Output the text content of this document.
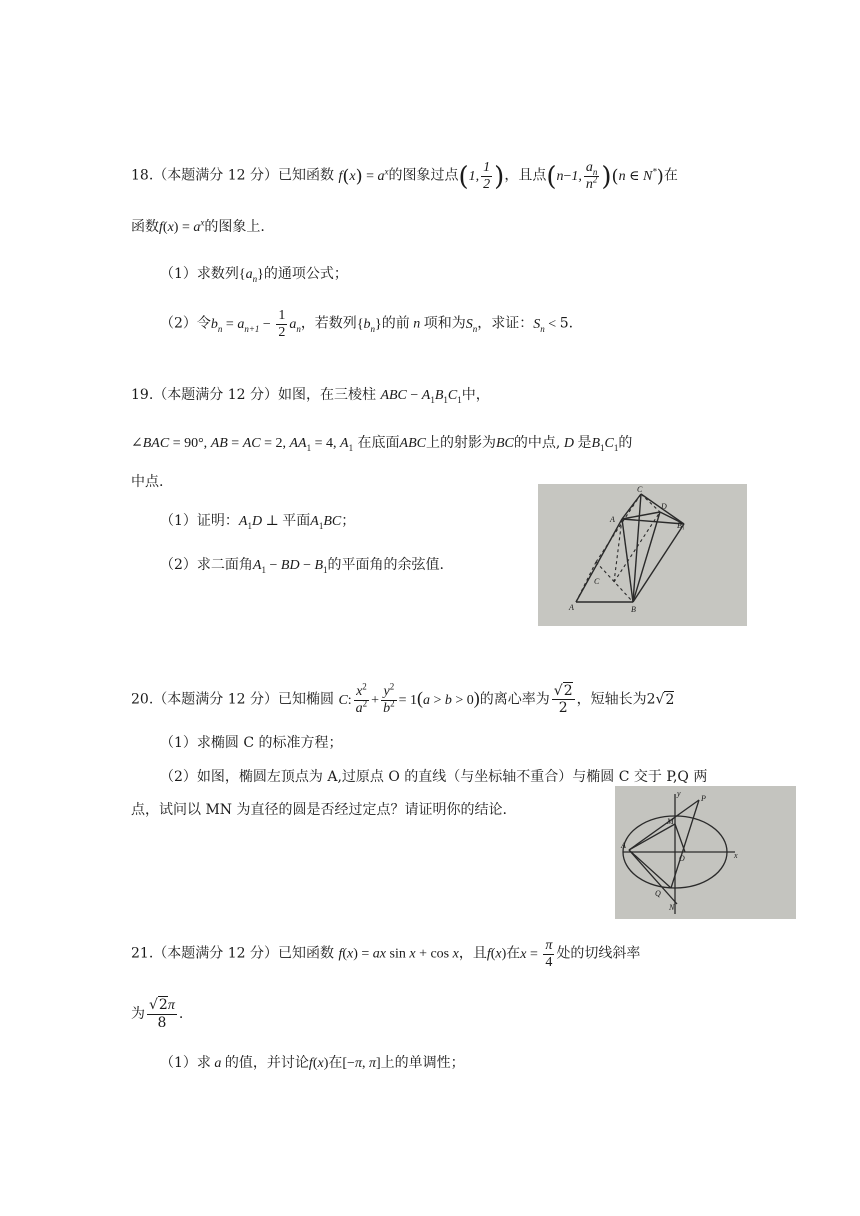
18.（本题满分 12 分）已知函数 $f(x) = a^x$的图象过点(1, $\frac{1}{2}$ )，且点(n−1, $\frac{a_n}{n^2} )(n$ ∈ N*)在
函数$f(x) = a^x$的图象上.
（1）求数列$\{a_n\}$的通项公式；
（2）令$b_n = a_{n+1} - \frac{1}{2} a_n$，若数列$\{b_n\}$的前 n 项和为$S_n$，求证：$S_n < 5$.
19.（本题满分 12 分）如图，在三棱柱 ABC − $A_1B_1C_1$中，
∠BAC = 90°, AB = AC = 2, $AA_1 = 4$, $A_1$ 在底面ABC上的射影为BC的中点, D 是$B_1C_1$的
中点.
（1）证明：$A_1D$ ⊥ 平面$A_1BC$；
（2）求二面角$A_1$ − BD − $B_1$的平面角的余弦值.
C
D
A
B₁
C
A	B
20.（本题满分 12 分）已知椭圆 C: $\frac{x^2}{a^2} + \frac{y^2}{b^2} = 1(a > b > 0)$的离心率为 $\frac{√2}{2}$ ，短轴长为2√2
（1）求椭圆 C 的标准方程；
（2）如图，椭圆左顶点为 A,过原点 O 的直线（与坐标轴不重合）与椭圆 C 交于 P,Q 两
点，试问以 MN 为直径的圆是否经过定点？请证明你的结论.
y
P
M
A
O	x
Q
N
21.（本题满分 12 分）已知函数 f(x) = ax sin x + cos x，且f(x)在$x = \frac{\pi}{4}$ 处的切线斜率
为 $\frac{√2\pi}{8}$ .
（1）求 a 的值，并讨论f(x)在[−π, π]上的单调性；
